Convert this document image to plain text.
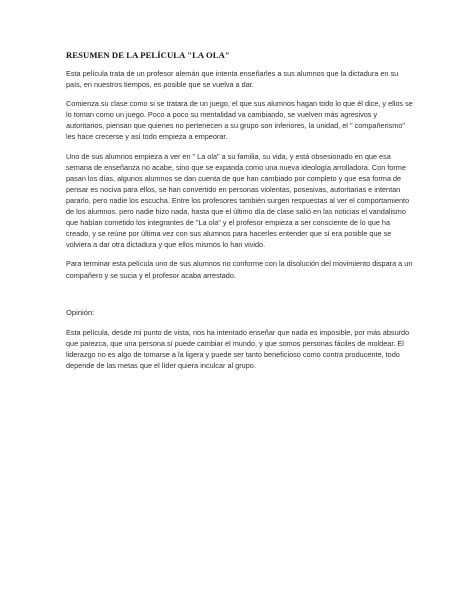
RESUMEN DE LA PELÍCULA "LA OLA"

Esta película trata de un profesor alemán que intenta enseñarles a sus alumnos que la dictadura en su país, en nuestros tiempos, es posible que se vuelva a dar.

Comienza su clase como si se tratara de un juego, el que sus alumnos hagan todo lo que él dice, y ellos se lo toman como un juego. Poco a poco su mentalidad va cambiando, se vuelven más agresivos y autoritarios, piensan que quienes no pertenecen a su grupo son inferiores, la unidad, el " compañerismo" les hace crecerse y así todo empieza a empeorar.

Uno de sus alumnos empieza a ver en " La ola" a su familia, su vida, y está obsesionado en que esa semana de enseñanza no acabe, sino que se expanda como una nueva ideología arrolladora. Con forme pasan los días, algunos alumnos se dan cuenta de que han cambiado por completo y que esa forma de pensar es nociva para ellos, se han convertido en personas violentas, posesivas, autoritarias e intentan pararlo, pero nadie los escucha. Entre los profesores también surgen respuestas al ver el comportamiento de los alumnos. pero nadie hizo nada, hasta que el último día de clase salió en las noticias el vandalismo que habían cometido los integrantes de "La ola" y el profesor empieza a ser consciente de lo que ha creado, y se reúne por última vez con sus alumnos para hacerles entender que sí era posible que se volviera a dar otra dictadura y que ellos mismos lo han vivido.

Para terminar esta película uno de sus alumnos no conforme con la disolución del movimiento dispara a un compañero y se sucia y el profesor acaba arrestado.

Opinión:

Esta película, desde mi punto de vista, nos ha intentado enseñar que nada es imposible, por más absurdo que parezca, que una persona sí puede cambiar el mundo, y que somos personas fáciles de moldear. El liderazgo no es algo de tomarse a la ligera y puede ser tanto beneficioso como contra producente, todo depende de las metas que el líder quiera inculcar al grupo.
